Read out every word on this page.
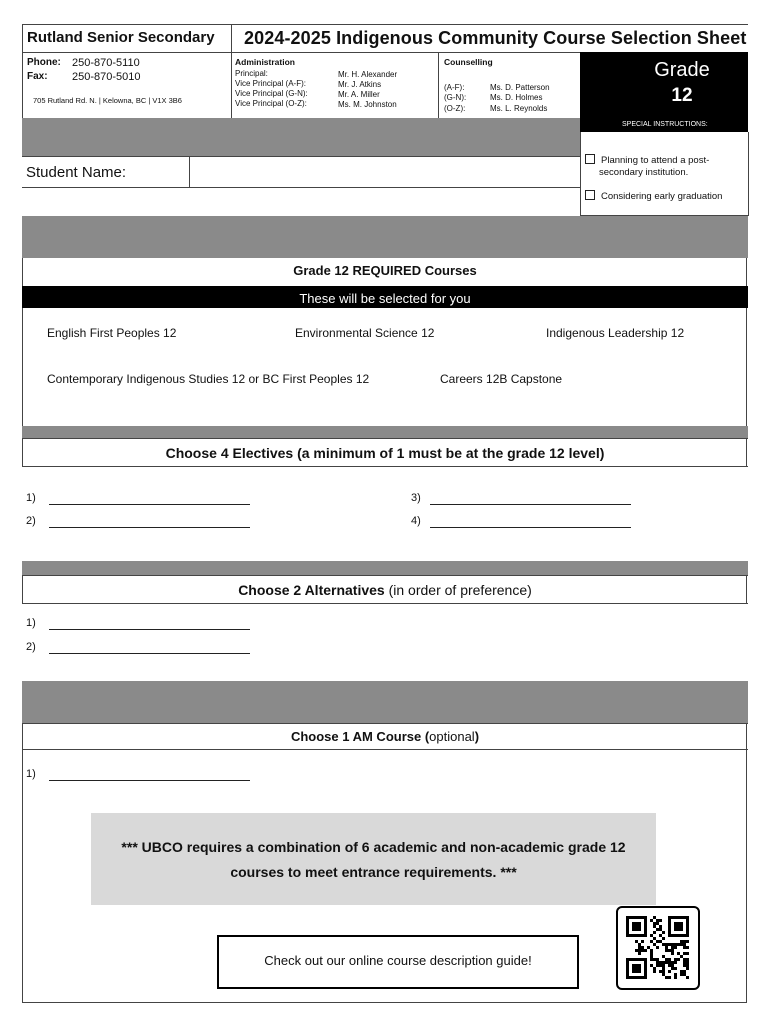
Rutland Senior Secondary
Phone: 250-870-5110
Fax: 250-870-5010
705 Rutland Rd. N. | Kelowna, BC | V1X 3B6
2024-2025 Indigenous Community Course Selection Sheet
Administration
Principal:	Mr. H. Alexander
Vice Principal (A-F):	Mr. J. Atkins
Vice Principal (G-N):	Mr. A. Miller
Vice Principal (O-Z):	Ms. M. Johnston
Counselling
(A-F):	Ms. D. Patterson
(G-N):	Ms. D. Holmes
(O-Z):	Ms. L. Reynolds
Grade
12
SPECIAL INSTRUCTIONS:
Student Name:
Planning to attend a post-
secondary institution.
Considering early graduation
Grade 12 REQUIRED Courses
These will be selected for you
English First Peoples 12	Environmental Science 12	Indigenous Leadership 12
Contemporary Indigenous Studies 12 or BC First Peoples 12	Careers 12B Capstone
Choose 4 Electives (a minimum of 1 must be at the grade 12 level)
1)
2)
3)
4)
Choose 2 Alternatives (in order of preference)
1)
2)
Choose 1 AM Course (optional)
1)
*** UBCO requires a combination of 6 academic and non-academic grade 12
courses to meet entrance requirements. ***
Check out our online course description guide!
